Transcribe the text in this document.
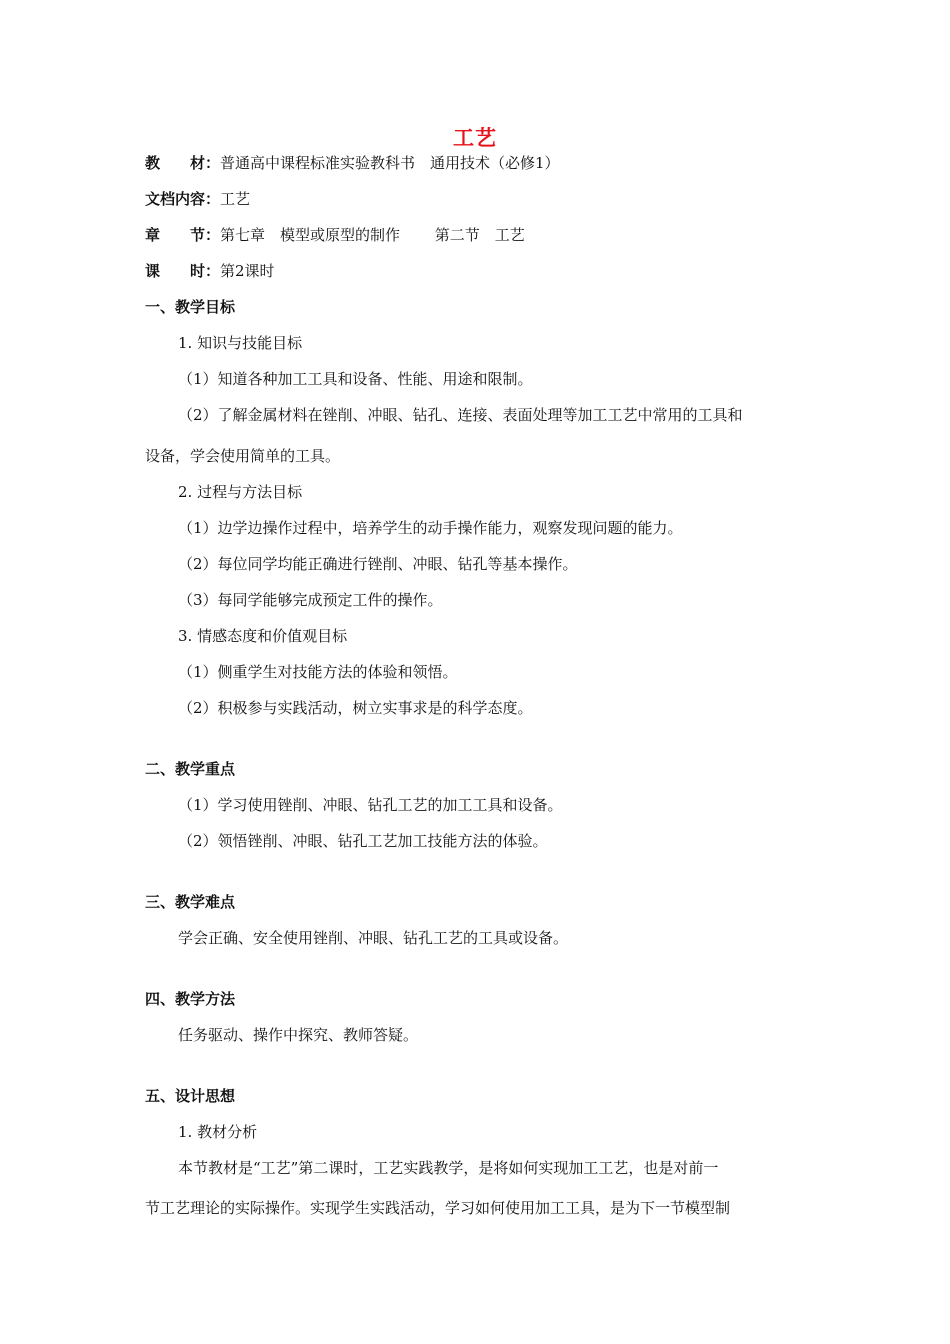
工艺
教　　材：普通高中课程标准实验教科书　通用技术（必修1）
文档内容：工艺
章　　节：第七章　模型或原型的制作　　 第二节　工艺
课　　时：第2课时
一、教学目标
1. 知识与技能目标
（1）知道各种加工工具和设备、性能、用途和限制。
（2）了解金属材料在锉削、冲眼、钻孔、连接、表面处理等加工工艺中常用的工具和
设备，学会使用简单的工具。
2. 过程与方法目标
（1）边学边操作过程中，培养学生的动手操作能力，观察发现问题的能力。
（2）每位同学均能正确进行锉削、冲眼、钻孔等基本操作。
（3）每同学能够完成预定工件的操作。
3. 情感态度和价值观目标
（1）侧重学生对技能方法的体验和领悟。
（2）积极参与实践活动，树立实事求是的科学态度。
二、教学重点
（1）学习使用锉削、冲眼、钻孔工艺的加工工具和设备。
（2）领悟锉削、冲眼、钻孔工艺加工技能方法的体验。
三、教学难点
学会正确、安全使用锉削、冲眼、钻孔工艺的工具或设备。
四、教学方法
任务驱动、操作中探究、教师答疑。
五、设计思想
1. 教材分析
本节教材是“工艺”第二课时，工艺实践教学，是将如何实现加工工艺，也是对前一
节工艺理论的实际操作。实现学生实践活动，学习如何使用加工工具，是为下一节模型制
